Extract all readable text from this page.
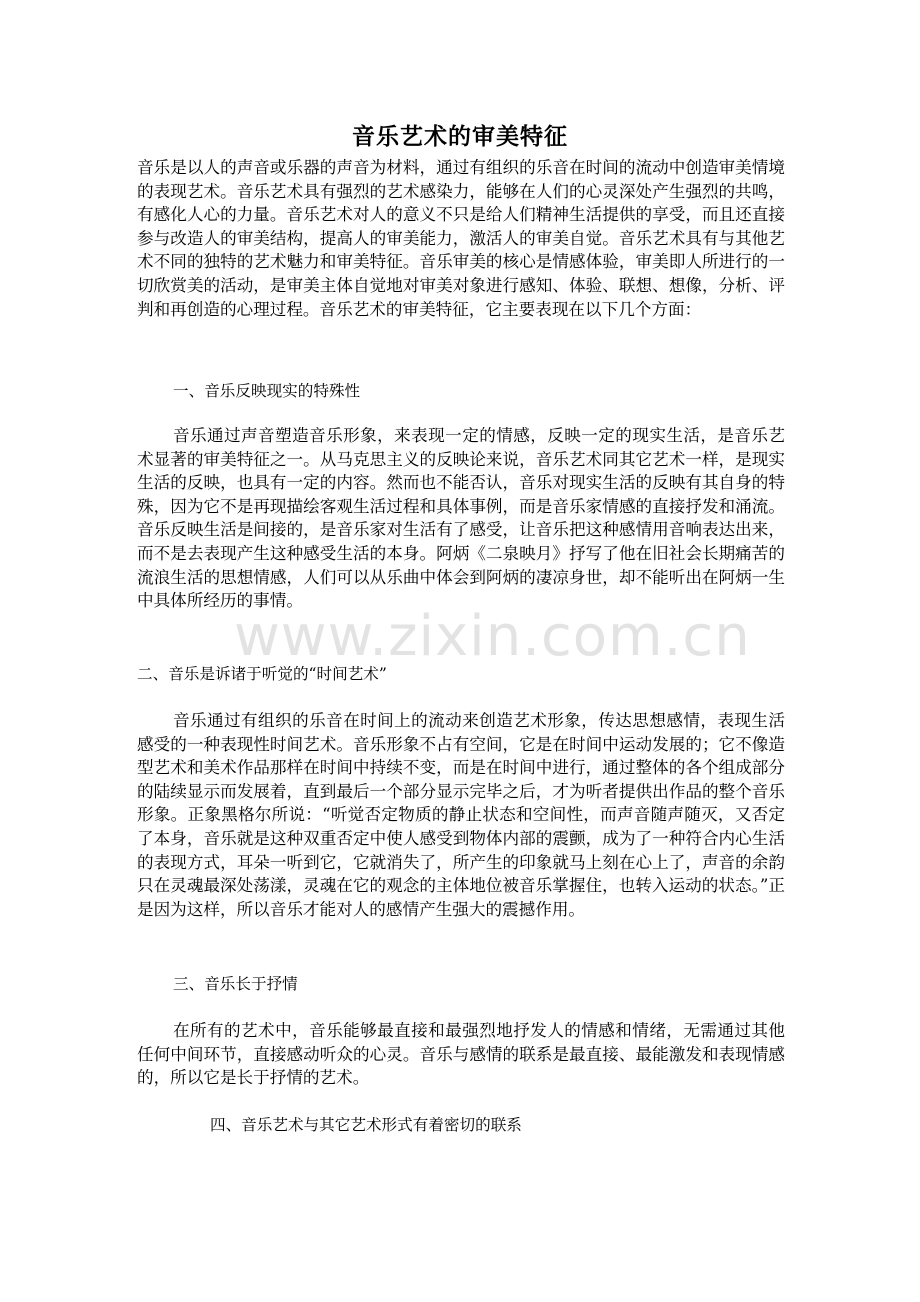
www.zixin.com.cn
音乐艺术的审美特征
音乐是以人的声音或乐器的声音为材料，通过有组织的乐音在时间的流动中创造审美情境的表现艺术。音乐艺术具有强烈的艺术感染力，能够在人们的心灵深处产生强烈的共鸣，有感化人心的力量。音乐艺术对人的意义不只是给人们精神生活提供的享受，而且还直接参与改造人的审美结构，提高人的审美能力，激活人的审美自觉。音乐艺术具有与其他艺术不同的独特的艺术魅力和审美特征。音乐审美的核心是情感体验，审美即人所进行的一切欣赏美的活动，是审美主体自觉地对审美对象进行感知、体验、联想、想像，分析、评判和再创造的心理过程。音乐艺术的审美特征，它主要表现在以下几个方面：
一、音乐反映现实的特殊性
音乐通过声音塑造音乐形象，来表现一定的情感，反映一定的现实生活，是音乐艺术显著的审美特征之一。从马克思主义的反映论来说，音乐艺术同其它艺术一样，是现实生活的反映，也具有一定的内容。然而也不能否认，音乐对现实生活的反映有其自身的特殊，因为它不是再现描绘客观生活过程和具体事例，而是音乐家情感的直接抒发和涌流。音乐反映生活是间接的，是音乐家对生活有了感受，让音乐把这种感情用音响表达出来，而不是去表现产生这种感受生活的本身。阿炳《二泉映月》抒写了他在旧社会长期痛苦的流浪生活的思想情感，人们可以从乐曲中体会到阿炳的凄凉身世，却不能听出在阿炳一生中具体所经历的事情。
二、音乐是诉诸于听觉的“时间艺术”
音乐通过有组织的乐音在时间上的流动来创造艺术形象，传达思想感情，表现生活感受的一种表现性时间艺术。音乐形象不占有空间，它是在时间中运动发展的；它不像造型艺术和美术作品那样在时间中持续不变，而是在时间中进行，通过整体的各个组成部分的陆续显示而发展着，直到最后一个部分显示完毕之后，才为听者提供出作品的整个音乐形象。正象黑格尔所说：“听觉否定物质的静止状态和空间性，而声音随声随灭，又否定了本身，音乐就是这种双重否定中使人感受到物体内部的震颤，成为了一种符合内心生活的表现方式，耳朵一听到它，它就消失了，所产生的印象就马上刻在心上了，声音的余韵只在灵魂最深处荡漾，灵魂在它的观念的主体地位被音乐掌握住，也转入运动的状态。”正是因为这样，所以音乐才能对人的感情产生强大的震撼作用。
三、音乐长于抒情
在所有的艺术中，音乐能够最直接和最强烈地抒发人的情感和情绪，无需通过其他任何中间环节，直接感动听众的心灵。音乐与感情的联系是最直接、最能激发和表现情感的，所以它是长于抒情的艺术。
四、音乐艺术与其它艺术形式有着密切的联系
